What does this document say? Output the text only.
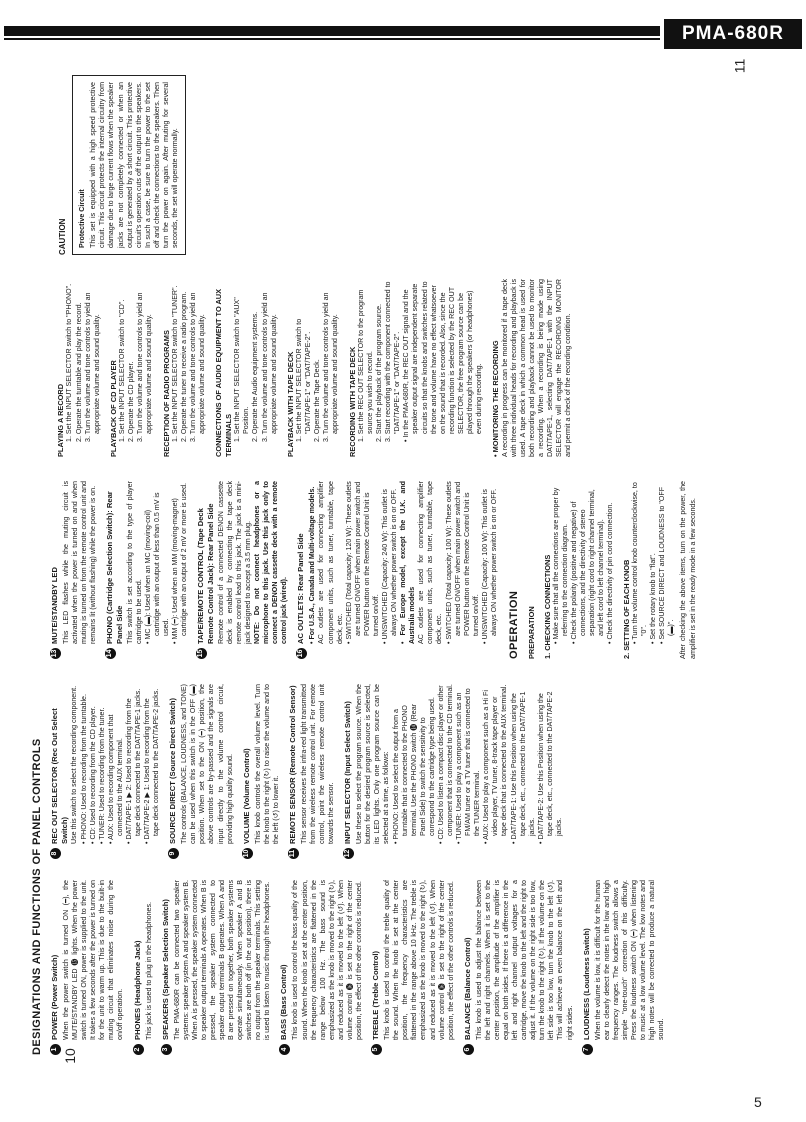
PMA-680R
5
10
11
DESIGNATIONS AND FUNCTIONS OF PANEL CONTROLS 1
POWER (Power Switch) When the power switch is turned ON (━), the MUTE/STANDBY LED ⓯ lights. When the power switch is turned ON, power is supplied to the unit. It takes a few seconds after the power is turned on for the unit to warm up. This is due to the built-in muting circuit that eliminates noise during the on/off operation.
2
PHONES (Headphone Jack) This jack is used to plug in the headphones.
3
SPEAKERS (Speaker Selection Switch) The PMA-680R can be connected two speaker systems: speaker system A and speaker system B. When A is pressed, the speaker system connected to speaker output terminals A operates. When B is pressed, the speaker system connected to speaker output terminals B operates. When A and B are pressed on together, both speaker systems operate simultaneously. When speaker A and B switches are both off (in the out position), there is no output from the speaker terminals. This setting is used to listen to music through the headphones.
4
BASS (Bass Control) This knob is used to control the bass quality of the sound. When the knob is set at the center position, the frequency characteristics are flattened in the range below 100 Hz. The bass sound is emphasized as the knob is moved to the right (↻), and reduced as it is moved to the left (↺). When volume control ⓰ is set to the right of the center position, the effect of the other controls is reduced.
5
TREBLE (Treble Control) This knob is used to control the treble quality of the sound. When the knob is set at the center position, the frequency characteristics are flattened in the range above 10 kHz. The treble is emphasized as the knob is moved to the right (↻), and reduced as it is moved to the left (↺). When volume control ⓰ is set to the right of the center position, the effect of the other controls is reduced.
6
BALANCE (Balance Control) This knob is used to adjust the balance between the left and right channels. When it is set to the center position, the amplitude of the amplifier is equal on both sides. If there is a difference in the left and right channel output voltages for a cartridge, move the knob to the left and the right to adjust it. If the volume on the right side is too low, turn the knob to the right (↻). If the volume on the left side is too low, turn the knob to the left (↺). This will achieve an even balance on the left and right sides.
7
LOUDNESS (Loudness Switch) When the volume is low, it is difficult for the human ear to clearly detect the notes in the low and high frequency ranges. The loudness switch allows a simple "one-touch" correction of this difficulty. Press the loudness switch ON (━) when listening to music at a low volume level. The low notes and high notes will be corrected to produce a natural sound.
8
REC OUT SELECTOR (Rec Out Select Switch) Use this switch to select the recording component. • PHONO: Used to recording from the turntable. • CD: Used to recording from the CD player. • TUNER: Used to recording from the tuner. • AUX: Used to recording component that connected to the AUX terminal. • DAT/TAPE-1 ▶ 2: Used to recording from the tape deck connected to the DAT/TAPE-1 jacks. • DAT/TAPE-2 ▶ 1: Used to recording from the tape deck connected to the DAT/TAPE-2 jacks.
9
SOURCE DIRECT (Source Direct Switch) The controls (BALANCE, LOUDNESS, and TONE) can be used when this switch is in the OFF (▬) position. When set to the ON (━) position, the above controls are by-passed and the signals are input directly to the volume control circuit, providing high quality sound.
10
VOLUME (Volume Control) This knob controls the overall volume level. Turn the knob to the right (↻) to raise the volume and to the left (↺) to lower it.
11
REMOTE SENSOR (Remote Control Sensor) This sensor receives the infra-red light transmitted from the wireless remote control unit. For remote control, point the wireless remote control unit towards the sensor.
12
INPUT SELECTOR (Input Select Switch) Use these to select the program source. When the button for the desired program source is selected, its LED lights. Only one program source can be selected at a time, as follows: • PHONO: Used to select the output from a turntable that is connected to the PHONO terminal. Use the PHONO switch ⓮ (Rear Panel Side) to switch the sensitivity to correspond to the cartridge type being used. • CD: Used to listen a compact disc player or other component that is connected to the CD terminal. • TUNER: Used to play a component such as an FM/AM tuner or a TV tuner that is connected to the TUNER terminal. • AUX: Used to play a component such as a Hi Fi video player, TV tuner, 8-track tape player or tape deck that is connected to the AUX terminal. • DAT/TAPE-1: Use this Position when using the tape deck, etc., connected to the DAT/TAPE-1 jacks. • DAT/TAPE-2: Use this Position when using the tape deck, etc., connected to the DAT/TAPE-2 jacks.
13
MUTE/STANDBY LED This LED flashes while the muting circuit is activated when the power is turned on and when muting is turned on from the remote control unit and remains lit (without flashing) while the power is on.
14
PHONO (Cartridge Selection Switch): Rear Panel Side This switch is set according to the type of player cartridge to be used. • MC (▬): Used when an MC (moving-coil) cartridge with an output of less than 0.5 mV is used. • MM (━): Used when an MM (moving-magnet) cartridge with an output of 2 mV or more is used.
15
TAPE/REMOTE CONTROL (Tape Deck Remote Control Jack): Rear Panel Side Remote control of a connected DENON cassette deck is enabled by connecting the tape deck remote control lead to this jack. The jack is a mini-jack designed to accept a 3.5 mm plug. NOTE: Do not connect headphones or a microphone to this jack. Use this jack only to connect a DENON cassette deck with a remote control jack (wired).
16
AC OUTLETS: Rear Panel Side • For U.S.A., Canada and Multi-voltage models. AC outlets are used for connecting amplifier component units, such as tuner, turntable, tape deck, etc. • SWITCHED (Total capacity: 120 W): These outlets are turned ON/OFF when main power switch and POWER button on the Remote Control Unit is turned on/off. • UNSWITCHED (Capacity: 240 W): This outlet is always ON whether power switch is on or OFF. • For Europe model, except the U.K. and Australia models AC outlets are used for connecting amplifier component units, such as tuner, turntable, tape deck, etc. • SWITCHED (Total capacity: 100 W): These outlets are turned ON/OFF when main power switch and POWER button on the Remote Control Unit is turned on/off. • UNSWITCHED (Capacity: 100 W): This outlet is always ON whether power switch is on or OFF. OPERATION PREPARATION 1. CHECKING CONNECTIONS • Make sure that all the connections are proper by referring to the connection diagram. • Check the polarity (positive and negative) of connections, and the directivity of stereo separation (right cord to right channel terminal, and left cord to left channel terminal). • Check the directivity of pin cord connection. 2. SETTING OF EACH KNOB • Turn the volume control knob counterclockwise, to "0". • Set the rotary knob to "flat". • Set SOURCE DIRECT and LOUDNESS to "OFF (▬)". After checking the above items, turn on the power, the amplifier is set in the ready mode in a few seconds.
PLAYING A RECORD 1. Set the INPUT SELECTOR switch to "PHONO". 2. Operate the turntable and play the record. 3. Turn the volume and tone controls to yield an appropriate volume and sound quality. PLAYBACK OF CD PLAYER 1. Set the INPUT SELECTOR switch to "CD". 2. Operate the CD player. 3. Turn the volume and tone controls to yield an appropriate volume and sound quality. RECEPTION OF RADIO PROGRAMS 1. Set the INPUT SELECTOR switch to "TUNER". 2. Operate the tuner to receive a radio program. 3. Turn the volume and tone controls to yield an appropriate volume and sound quality. CONNECTIONS OF AUDIO EQUIPMENT TO AUX TERMINALS 1. Set the INPUT SELECTOR switch to "AUX" Position. 2. Operate the Audio equipment systems. 3. Turn the volume and tone controls to yield an appropriate volume and sound quality. PLAYBACK WITH TAPE DECK 1. Set the INPUT SELECTOR switch to "DAT/TAPE-1" or "DAT/TAPE-2". 2. Operate the Tape Deck. 3. Turn the volume and tone controls to yield an appropriate volume and sound quality. RECORDING WITH TAPE DECK 1. Set the REC OUT SELECTOR to the program source you wish to record. 2. Start the playback of the program source. 3. Start recording with the component connected to "DAT/TAPE-1" or "DAT/TAPE-2". • In the PMA-680R, the REC OUT signal and the speaker output signal are independent separate circuits so that the knobs and switches related to the tone and volume have no effect whatsoever on the sound that is recorded. Also, since the recording function is selected by the REC OUT SELECTOR, the free program source can be played through the speakers (or headphones) even during recording. • MONITORING THE RECORDING A recording in progress can be monitored if a tape deck with three individual heads for recording and playback is used. A tape deck in which a common head is used for both recording and playback cannot be used to monitor a recording. When a recording is being made using DAT/TAPE-1, selecting DAT/TAPE-1 with the INPUT SELECTOR will engage the RECORDING MONITOR and permit a check of the recording condition.
CAUTION Protective Circuit This set is equipped with a high speed protective circuit. This circuit protects the internal circuitry from damage due to large current flows when the speaker jacks are not completely connected or when an output is generated by a short circuit. This protective circuit's operation cuts off the output to the speakers. In such a case, be sure to turn the power to the set off and check the connections to the speakers. Then turn the power on again. After muting for several seconds, the set will operate normally.
